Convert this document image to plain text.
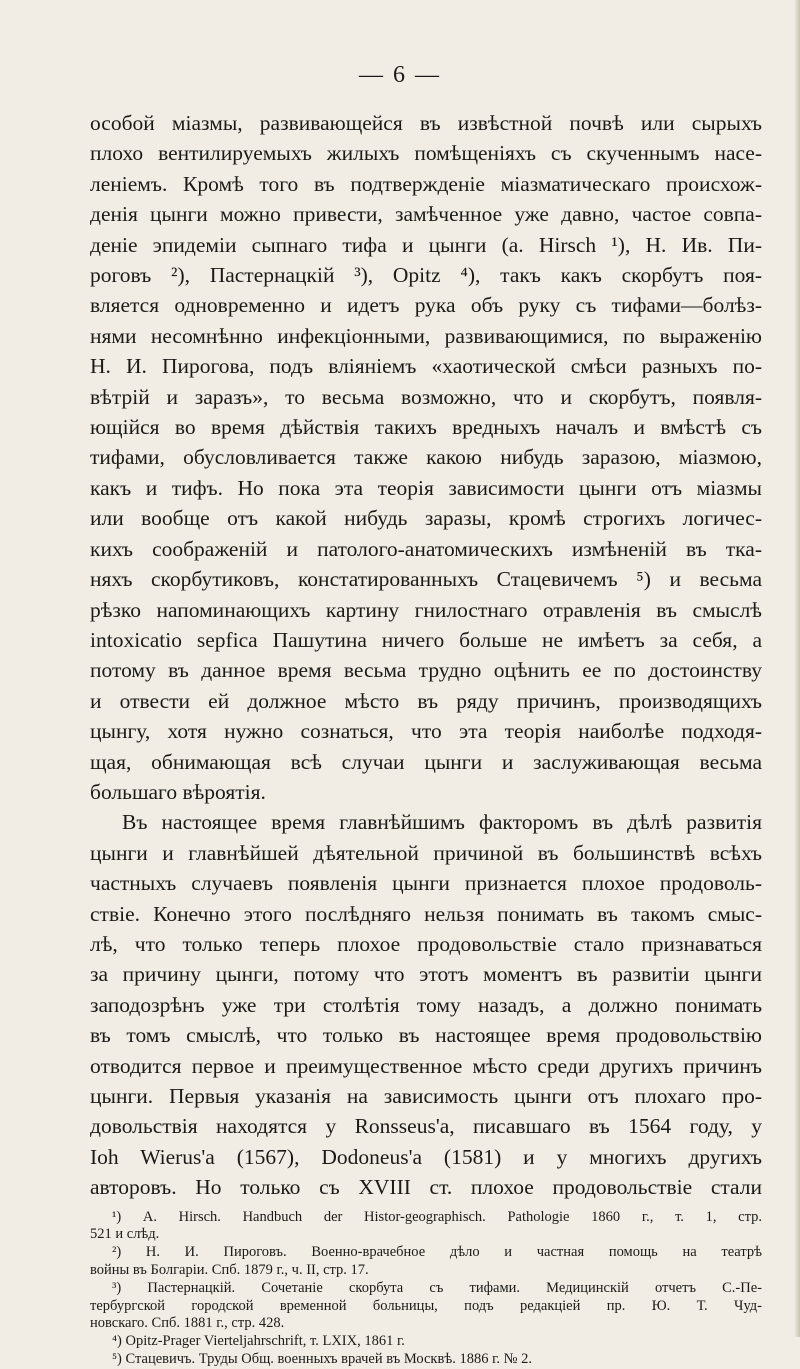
— 6 —
особой міазмы, развивающейся въ извѣстной почвѣ или сырыхъ
плохо вентилируемыхъ жилыхъ помѣщеніяхъ съ скученнымъ насе-
леніемъ. Кромѣ того въ подтвержденіе міазматическаго происхож-
денія цынги можно привести, замѣченное уже давно, частое совпа-
деніе эпидеміи сыпнаго тифа и цынги (а. Hirsch ¹), Н. Ив. Пи-
роговъ ²), Пастернацкій ³), Opitz ⁴), такъ какъ скорбутъ поя-
вляется одновременно и идетъ рука объ руку съ тифами—болѣз-
нями несомнѣнно инфекціонными, развивающимися, по выраженію
Н. И. Пирогова, подъ вліяніемъ «хаотической смѣси разныхъ по-
вѣтрій и заразъ», то весьма возможно, что и скорбутъ, появля-
ющійся во время дѣйствія такихъ вредныхъ началъ и вмѣстѣ съ
тифами, обусловливается также какою нибудь заразою, міазмою,
какъ и тифъ. Но пока эта теорія зависимости цынги отъ міазмы
или вообще отъ какой нибудь заразы, кромѣ строгихъ логичес-
кихъ соображеній и патолого-анатомическихъ измѣненій въ тка-
няхъ скорбутиковъ, констатированныхъ Стацевичемъ ⁵) и весьма
рѣзко напоминающихъ картину гнилостнаго отравленія въ смыслѣ
intoxicatio sepfica Пашутина ничего больше не имѣетъ за себя, а
потому въ данное время весьма трудно оцѣнить ее по достоинству
и отвести ей должное мѣсто въ ряду причинъ, производящихъ
цынгу, хотя нужно сознаться, что эта теорія наиболѣе подходя-
щая, обнимающая всѣ случаи цынги и заслуживающая весьма
большаго вѣроятія.
Въ настоящее время главнѣйшимъ факторомъ въ дѣлѣ развитія
цынги и главнѣйшей дѣятельной причиной въ большинствѣ всѣхъ
частныхъ случаевъ появленія цынги признается плохое продоволь-
ствіе. Конечно этого послѣдняго нельзя понимать въ такомъ смыс-
лѣ, что только теперь плохое продовольствіе стало признаваться
за причину цынги, потому что этотъ моментъ въ развитіи цынги
заподозрѣнъ уже три столѣтія тому назадъ, а должно понимать
въ томъ смыслѣ, что только въ настоящее время продовольствію
отводится первое и преимущественное мѣсто среди другихъ причинъ
цынги. Первыя указанія на зависимость цынги отъ плохаго про-
довольствія находятся у Ronsseus'а, писавшаго въ 1564 году, у
Ioh Wierus'а (1567), Dodoneus'а (1581) и у многихъ другихъ
авторовъ. Но только съ XVIII ст. плохое продовольствіе стали
¹) А. Hirsch. Handbuch der Histor-geographisch. Pathologie 1860 г., т. 1, стр.
521 и слѣд.
²) Н. И. Пироговъ. Военно-врачебное дѣло и частная помощь на театрѣ
войны въ Болгаріи. Спб. 1879 г., ч. II, стр. 17.
³) Пастернацкій. Сочетаніе скорбута съ тифами. Медицинскій отчетъ С.-Пе-
тербургской городской временной больницы, подъ редакціей пр. Ю. Т. Чуд-
новскаго. Спб. 1881 г., стр. 428.
⁴) Opitz-Prager Vierteljahrschrift, т. LXIX, 1861 г.
⁵) Стацевичъ. Труды Общ. военныхъ врачей въ Москвѣ. 1886 г. № 2.
